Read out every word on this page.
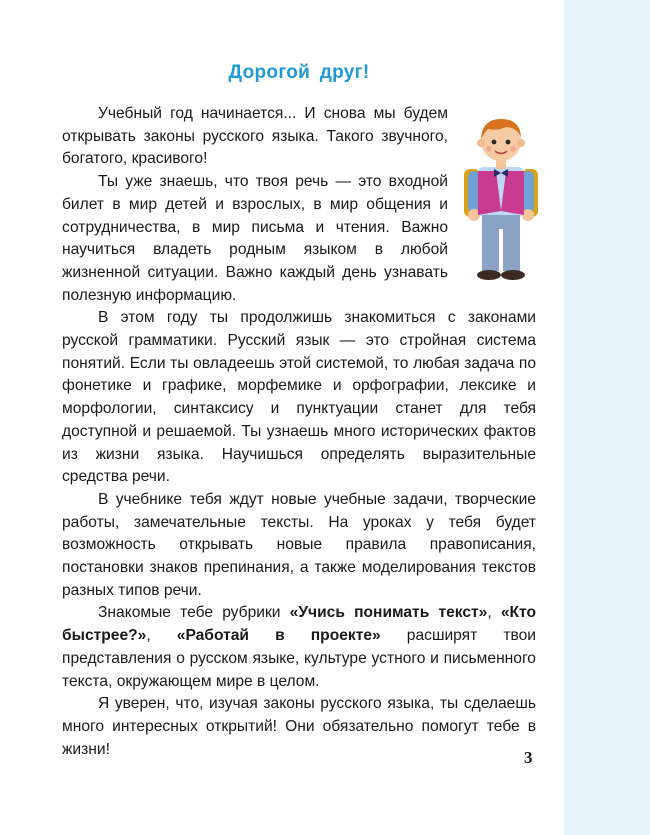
Дорогой друг!

Учебный год начинается... И снова мы будем открывать законы русского языка. Такого звучного, богатого, красивого!

Ты уже знаешь, что твоя речь — это входной билет в мир детей и взрослых, в мир общения и сотрудничества, в мир письма и чтения. Важно научиться владеть родным языком в любой жизненной ситуации. Важно каждый день узнавать полезную информацию.

В этом году ты продолжишь знакомиться с законами русской грамматики. Русский язык — это стройная система понятий. Если ты овладеешь этой системой, то любая задача по фонетике и графике, морфемике и орфографии, лексике и морфологии, синтаксису и пунктуации станет для тебя доступной и решаемой. Ты узнаешь много исторических фактов из жизни языка. Научишься определять выразительные средства речи.

В учебнике тебя ждут новые учебные задачи, творческие работы, замечательные тексты. На уроках у тебя будет возможность открывать новые правила правописания, постановки знаков препинания, а также моделирования текстов разных типов речи.

Знакомые тебе рубрики «Учись понимать текст», «Кто быстрее?», «Работай в проекте» расширят твои представления о русском языке, культуре устного и письменного текста, окружающем мире в целом.

Я уверен, что, изучая законы русского языка, ты сделаешь много интересных открытий! Они обязательно помогут тебе в жизни!	3
